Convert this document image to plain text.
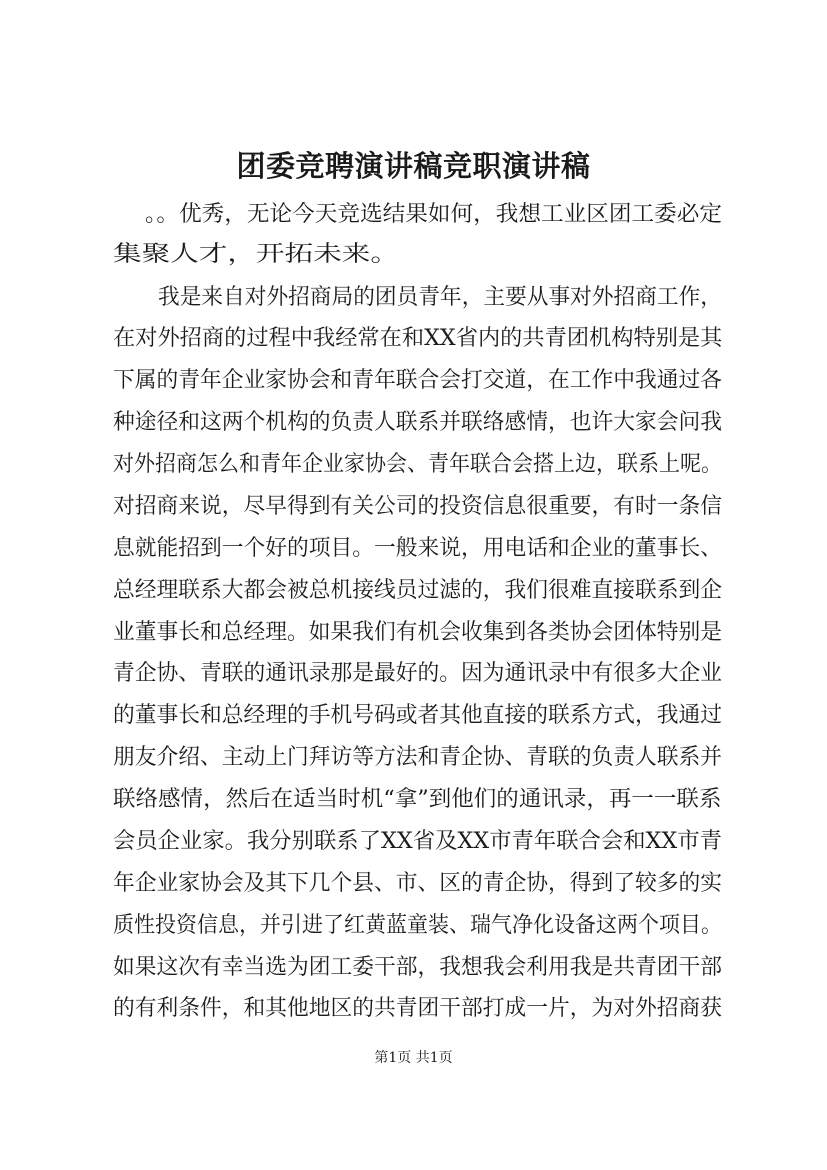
团委竞聘演讲稿竞职演讲稿
。。优秀，无论今天竞选结果如何，我想工业区团工委必定
集聚人才，开拓未来。
我是来自对外招商局的团员青年，主要从事对外招商工作，
在对外招商的过程中我经常在和XX省内的共青团机构特别是其
下属的青年企业家协会和青年联合会打交道，在工作中我通过各
种途径和这两个机构的负责人联系并联络感情，也许大家会问我
对外招商怎么和青年企业家协会、青年联合会搭上边，联系上呢。
对招商来说，尽早得到有关公司的投资信息很重要，有时一条信
息就能招到一个好的项目。一般来说，用电话和企业的董事长、
总经理联系大都会被总机接线员过滤的，我们很难直接联系到企
业董事长和总经理。如果我们有机会收集到各类协会团体特别是
青企协、青联的通讯录那是最好的。因为通讯录中有很多大企业
的董事长和总经理的手机号码或者其他直接的联系方式，我通过
朋友介绍、主动上门拜访等方法和青企协、青联的负责人联系并
联络感情，然后在适当时机“拿”到他们的通讯录，再一一联系
会员企业家。我分别联系了XX省及XX市青年联合会和XX市青
年企业家协会及其下几个县、市、区的青企协，得到了较多的实
质性投资信息，并引进了红黄蓝童装、瑞气净化设备这两个项目。
如果这次有幸当选为团工委干部，我想我会利用我是共青团干部
的有利条件，和其他地区的共青团干部打成一片，为对外招商获
第1页 共1页
